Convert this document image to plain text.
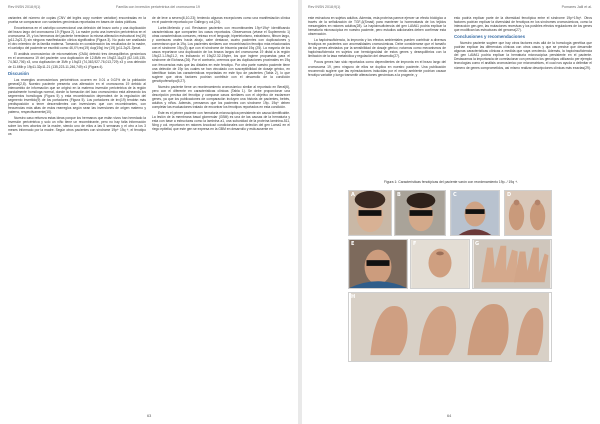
Rev INSN 2018;9(1)	Familia con inversión pericéntrica del cromosoma 19

variantes del número de copias (CNV del inglés copy number variation) encontradas en la prueba se compararon con variantes genómicas reportadas en bases de datos públicas.

Encontramos en el cariotipo convencional una deleción del brazo corto y una duplicación del brazo largo del cromosoma 19 (Figura 2). La madre porta una inversión pericéntrica en el cromosoma 19, y los hermanos del paciente heredaron la misma alteración estructural inv(19)(p11.2q21.3) sin ninguna manifestación clínica significativa (Figura 3). No pudo ser analizado el otro miembro de la familia materna. Tomando en consideración los resultados de la madre, el cariotipo del paciente se escribió como 46,XY,rec(19) dup(19q) inv (19) (p11.2q21.3)mat.

El análisis cromosómico de micromatrices (CMA) detectó tres desequilibrios genómicos en el cromosoma 19 del paciente: una duplicación de 12.8Mb en 19q22.11q23 (62.145,135-74,362,706) x3, una duplicación de 3Mb p 19q23 (74,363,927-76,013,729) x3 y una deleción de 11.6Mb p 19p11.32p11.21 (135,223-11,246,749) x1 (Figura 4).

Discusión

Los reareglos cromosómicos pericéntricos ocurren en 0.01 a 0.02% de la población general(2,8). Nuestro paciente presenta una alteración en el cromosoma 19 debido al intercambio de información que se originó en la materna inversión pericéntrica de la región parcialmente homóloga normal, donde la formación del lazo cromosómico está alineando los segmentos homólogos (Figura 5) y esta recombinación dependerá de la regulación del segmento invertido(9) de los portadores (Figura 5). Los portadores de inv(19) tendrán más predisposición a tener descendientes con inversiones que con recombinantes, con frecuencias más altas de estos rearreglos según sean las inversiones de origen materno y paterno, respectivamente(10).

Nuestro caso refuerza estas ideas porque los hermanos que están vivos han heredado la inversión pericéntrica y solo un niño tiene un recombinante, pero no hay falta información sobre los tres abortos de la madre, siendo uno de ellos a las 5 semanas y el otro a los 3 meses informado por la madre. Según otros pacientes con síndrome 19p+ 19q +, el fenotipo va

de de leve a severo(6,10-23); teniendo algunas excepciones como una manifestación clínica en el paciente reportado por Gallego y col.(24).

Lurbe-Melendo y col. Revisaron pacientes con recombinantes 19p+19q+ identificando características que comparten los casos reportados. Observamos (véase el Suplemento 1) otras características comunes, retraso en el lenguaje, hipertelorismo, estrabismo, filtrum largo, y comisuras orales hacia abajo, cabe destacar, cuatro pacientes con duplicaciones y comentaron que la 19q. Los pacientes similares con recombinación fenotipo más relacionados con el síndrome 19p-(5) que con el síndrome de trisomía parcial 19q (25). La mayoría de los casos reportaron una duplicación de los brazos largos del cromosoma 19 distal a la región 19q12.1-19q21.2, es indicando el 19q22.32-19qter, los que ingiere propuestas para el síndrome de Eichana-(26). Por el contrario, creemos que las duplicaciones proximales en 19q con frecuencias más que las distales en este fenotipo. Por otra parte nuestro paciente tiene una deleción de 19p los cuales se han vinculado con susceptibilidad de dosaje génico, en identificar todas las características reportadas en este tipo de pacientes (Tabla 2), lo que sugiere que otros factores podrían contribuir con el desarrollo de la condición genotípofenotipo(5,27).

Nuestro paciente tiene un reordenamiento cromosómico similar al reportado en Beral(6), pero con el diferente en características clínicas (Tabla 1). Se debe proporcionar una descripción precisa del fenotipo y comparar casos similares con el objetivo de esclarecer genes, ya que los publicaciones de comparación incluyen una historia de pacientes, bebés, adultos y niños. Además, pensamos que los pacientes con síndrome 19p- 19q+ deben completar las evaluaciones tratado de encontrar los fenotipos reportados en esta condición.

Este es el primer paciente con hematuria microscópica persistente sin causa identificable. La lesión de la membrana basal glomerular (GBM) es una de las causas de la hematuria y esta con base a estructuras como la laminina a1, una subunidad de la proteína laminina-511, Ning y col. reportaron en ratones knockout condicionales con deleción del gen Lama1 en el riego epitelial, que este gen se expresa en la GBM en desarrollo y está ausente en

63
Rev INSN 2018;9(1)	Pomares Jalil et al.

este estructura en sujetos adultos. Además, esta proteína parece ejercer un efecto biológico a través de la señalización de TGF-β(Smad) para mantener la homeostasis de los tejidos mesangiales en ratones adultos(28). La haploinsuficiencia del gen LAMA1 podría explicar la hematuria microscópica en nuestro paciente, pero estudios adicionales deben confirmar esta observación.

La haploinsuficiencia, la impronta y los efectos ambientales pueden contribuir a diversos fenotipos en pacientes con anormalidades cromosómicas. Debe considerarse que el tamaño de los genes afectados por la sensibilidad de dosaje génico; notamos como mecanismos de haploinsuficiencia en sujetos con hemicigosidad de estos genes y desequilibrios con la limitación de la tasa metabólica y regulación del desarrollo(27).

Pocos genes han sido reportados como dependientes de impronta en el brazo largo del cromosoma 19, pero ninguno de ellos se duplica en nuestro paciente. Una publicación recomendó sugiere que las epimutaciones inducidas por el medio ambiente podrían causar fenotipo variable y luego transmitir alteraciones genómicas a la progenie, y

esto podría explicar parte de la diversidad fenotípica entre el síndrome 19p+19q+. Otros factores podrían explicar la diversidad de fenotipos en los síndromes cromosómicos, como la interacción gen-gen, las mutaciones recesivas y los posibles efectos reguladores de los genes que modifican las estructuras del genoma(27).

Conclusiones y recomendaciones

Nuestro paciente sugiere que hay otros factores más allá de la homología genética que podrían explicar las diferencias clínicas con otros casos y que se precise que desarrolle algunas características clínicas a medida que vaya creciendo. Además, la haploinsuficiencia del gen LAMA1 podría explicar la hematuria microscópica persistente en el paciente. Destacamos la importancia de correlacionar con precisión los genotipos utilizando per ejemplo tecnologías como el análisis cromosómico por micromatrices, el cual nos ayuda a delimitar el número de genes comprometidos, así mismo realizar descripciones clínicas más exactas(29).

Figura 1: Características fenotípicas del paciente varón con reordenamiento 19p- / 19q +.
A	B	C	D
E	F	G
H
64
